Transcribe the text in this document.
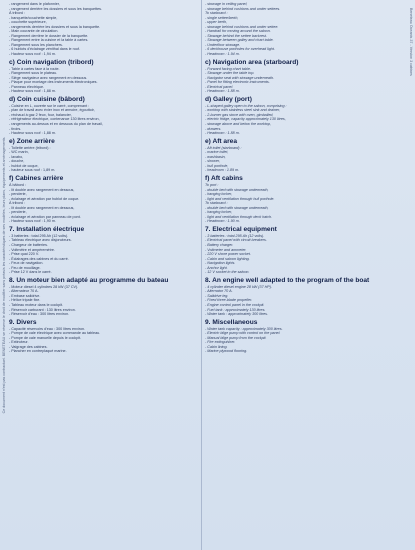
Ce document n'est pas contractuel. BENETEAU se réserve le droit de modifier sans préavis les caractéristiques de ses modèles, leurs plans, équipements et aménagements.
- rangement dans le plafonnier,
- rangement derrière les dossiers et sous les banquettes.
À tribord :
- banquette/couchette simple,
- couchette supérieure,
- rangements derrière les dossiers et sous la banquette.
- Main courante de circulation.
- Rangement derrière le dossier de la banquette.
- Rangement entre la cuisine et la table à cartes.
- Rangement sous les planchers.
- 6 hublots d'éclairage zénithal dans le roof.
- Hauteur sous roof : 1,94 m.
c) Coin navigation (tribord)
- Table à cartes face à la route.
- Rangement sous le plateau.
- Siège navigateur avec rangement en dessous.
- Plaque pour montage des instruments électroniques.
- Panneau électrique.
- Hauteur sous roof : 1,88 m.
d) Coin cuisine (bâbord)
- Cuisine en L, ouverte sur le carré, comprenant :
- plan de travail avec évier inox et armoire, égouttoir,
- réchaud à gaz 2 feux, four, balancier,
- réfrigérateur électrique, contenance 130 litres environ,
- rangements au-dessus et en dessous du plan de travail,
- tiroirs.
- Hauteur sous roof : 1,88 m.
e) Zone arrière
- Toilette arrière (tribord) :
- WC marin,
- lavabo,
- douche,
- hublot de coque,
- hauteur sous roof : 1,89 m.
f) Cabines arrière
À bâbord :
- lit double avec rangement en dessous,
- penderie,
- éclairage et aération par hublot de coque.
À tribord :
- lit double avec rangement en dessous,
- penderie,
- éclairage et aération par panneau de pont.
- Hauteur sous roof : 1,90 m.
7. Installation électrique
- 3 batteries : total 295 Ah (12 volts).
- Tableau électrique avec disjoncteurs.
- Chargeur de batteries.
- Voltmètre et ampèremètre.
- Prise quai 220 V.
- Éclairages des cabines et du carré.
- Feux de navigation.
- Feu de mouillage.
- Prise 12 V dans le carré.
8. Un moteur bien adapté au programme du bateau
- Moteur diesel 4 cylindres 28 kW (37 CV).
- Alternateur 70 A.
- Embase saildrive.
- Hélice tripale fixe.
- Tableau moteur dans le cockpit.
- Réservoir carburant : 130 litres environ.
- Réservoir d'eau : 300 litres environ.
9. Divers
- Capacité réservoirs d'eau : 300 litres environ.
- Pompe de cale électrique avec commande au tableau.
- Pompe de cale manuelle depuis le cockpit.
- Extincteur.
- Vaigrage des cabines.
- Plancher en contreplaqué marine.
- stowage in ceiling panel,
- stowage behind cushions and under settees.
To starboard :
- single settee/berth,
- upper berth,
- stowage behind cushions and under settee.
- Handrail for moving around the saloon.
- Stowage behind the settee backrest.
- Stowage between galley and chart table.
- Underfloor stowage.
- 6 deckhouse portholes for overhead light.
- Headroom : 1.94 m.
c) Navigation area (starboard)
- Forward facing chart table.
- Stowage under the table top.
- Navigator seat with stowage underneath.
- Panel for fitting electronic instruments.
- Electrical panel.
- Headroom : 1.88 m.
d) Galley (port)
- L-shaped galley open to the saloon, comprising :
- worktop with stainless steel sink and drainer,
- 2-burner gas stove with oven, gimballed,
- electric fridge, capacity approximately 130 litres,
- stowage above and below the worktop,
- drawers.
- Headroom : 1.88 m.
e) Aft area
- Aft toilet (starboard) :
- marine toilet,
- washbasin,
- shower,
- hull porthole,
- headroom : 1.89 m.
f) Aft cabins
To port :
- double bed with stowage underneath,
- hanging locker,
- light and ventilation through hull porthole.
To starboard :
- double bed with stowage underneath,
- hanging locker,
- light and ventilation through deck hatch.
- Headroom : 1.90 m.
7. Electrical equipment
- 3 batteries : total 295 Ah (12 volts).
- Electrical panel with circuit breakers.
- Battery charger.
- Voltmeter and ammeter.
- 220 V shore power socket.
- Cabin and saloon lighting.
- Navigation lights.
- Anchor light.
- 12 V socket in the saloon.
8. An engine well adapted to the program of the boat
- 4 cylinder diesel engine 28 kW (37 HP).
- Alternator 70 A.
- Saildrive leg.
- Fixed three-blade propeller.
- Engine control panel in the cockpit.
- Fuel tank : approximately 130 litres.
- Water tank : approximately 300 litres.
9. Miscellaneous
- Water tank capacity : approximately 300 litres.
- Electric bilge pump with control on the panel.
- Manual bilge pump from the cockpit.
- Fire extinguisher.
- Cabin lining.
- Marine plywood flooring.
Beneteau Oceanis 37 - Version 3 cabines
